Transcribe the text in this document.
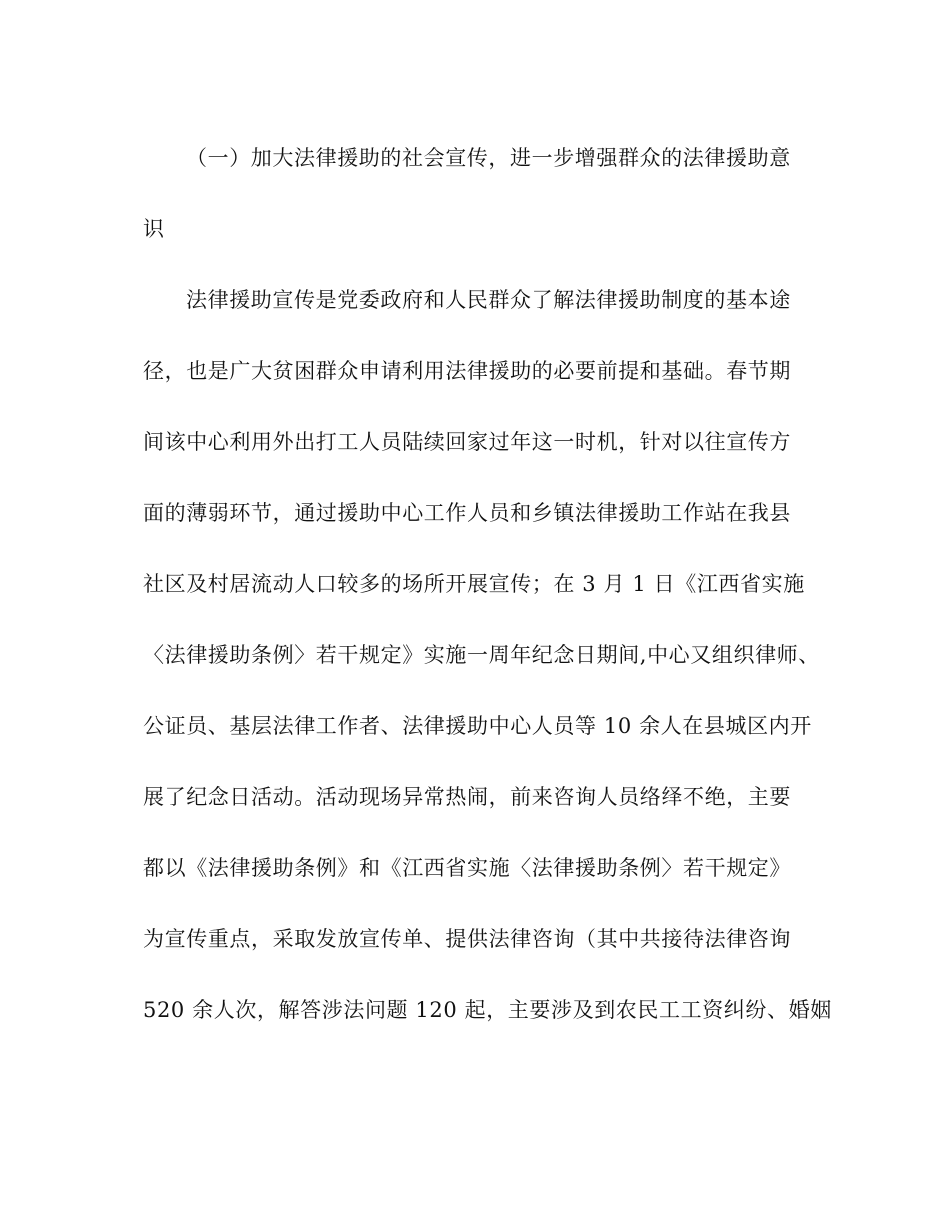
（一）加大法律援助的社会宣传，进一步增强群众的法律援助意
识
法律援助宣传是党委政府和人民群众了解法律援助制度的基本途
径，也是广大贫困群众申请利用法律援助的必要前提和基础。春节期
间该中心利用外出打工人员陆续回家过年这一时机，针对以往宣传方
面的薄弱环节，通过援助中心工作人员和乡镇法律援助工作站在我县
社区及村居流动人口较多的场所开展宣传；在 3 月 1 日《江西省实施
〈法律援助条例〉若干规定》实施一周年纪念日期间,中心又组织律师、
公证员、基层法律工作者、法律援助中心人员等 10 余人在县城区内开
展了纪念日活动。活动现场异常热闹，前来咨询人员络绎不绝，主要
都以《法律援助条例》和《江西省实施〈法律援助条例〉若干规定》
为宣传重点，采取发放宣传单、提供法律咨询（其中共接待法律咨询
520 余人次，解答涉法问题 120 起，主要涉及到农民工工资纠纷、婚姻
